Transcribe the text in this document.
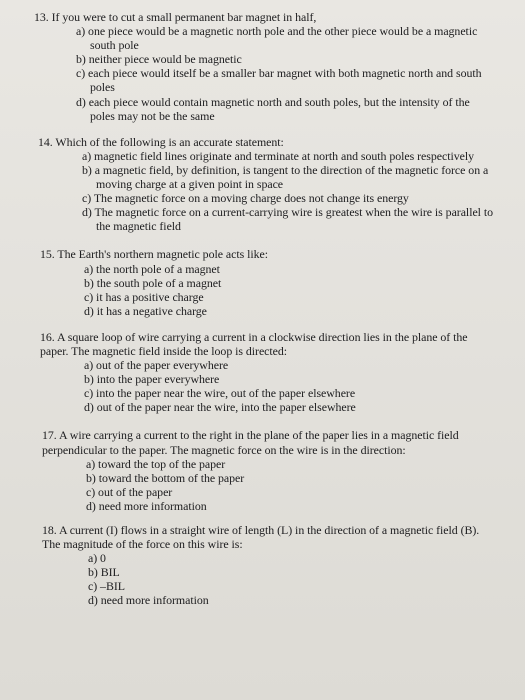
13. If you were to cut a small permanent bar magnet in half,
a) one piece would be a magnetic north pole and the other piece would be a magnetic south pole
b) neither piece would be magnetic
c) each piece would itself be a smaller bar magnet with both magnetic north and south poles
d) each piece would contain magnetic north and south poles, but the intensity of the poles may not be the same
14. Which of the following is an accurate statement:
a) magnetic field lines originate and terminate at north and south poles respectively
b) a magnetic field, by definition, is tangent to the direction of the magnetic force on a moving charge at a given point in space
c) The magnetic force on a moving charge does not change its energy
d) The magnetic force on a current-carrying wire is greatest when the wire is parallel to the magnetic field
15. The Earth's northern magnetic pole acts like:
a) the north pole of a magnet
b) the south pole of a magnet
c) it has a positive charge
d) it has a negative charge
16. A square loop of wire carrying a current in a clockwise direction lies in the plane of the paper. The magnetic field inside the loop is directed:
a) out of the paper everywhere
b) into the paper everywhere
c) into the paper near the wire, out of the paper elsewhere
d) out of the paper near the wire, into the paper elsewhere
17. A wire carrying a current to the right in the plane of the paper lies in a magnetic field perpendicular to the paper. The magnetic force on the wire is in the direction:
a) toward the top of the paper
b) toward the bottom of the paper
c) out of the paper
d) need more information
18. A current (I) flows in a straight wire of length (L) in the direction of a magnetic field (B). The magnitude of the force on this wire is:
a) 0
b) BIL
c) –BIL
d) need more information
